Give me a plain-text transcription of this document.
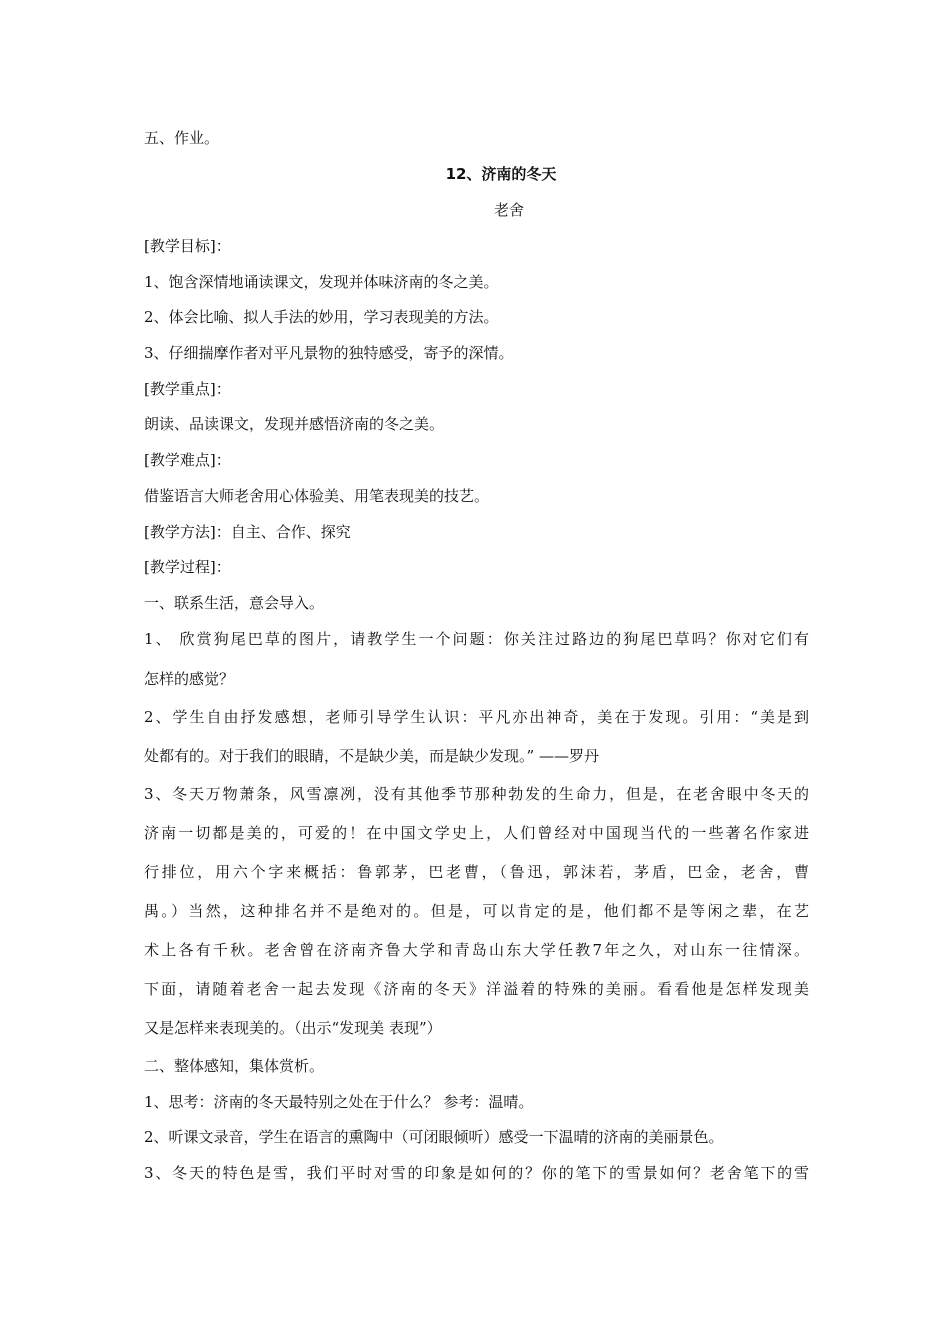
五、作业。
12、济南的冬天
老舍
[教学目标]：
1、饱含深情地诵读课文，发现并体味济南的冬之美。
2、体会比喻、拟人手法的妙用，学习表现美的方法。
3、仔细揣摩作者对平凡景物的独特感受，寄予的深情。
[教学重点]：
朗读、品读课文，发现并感悟济南的冬之美。
[教学难点]：
借鉴语言大师老舍用心体验美、用笔表现美的技艺。
[教学方法]：自主、合作、探究
[教学过程]：
一、联系生活，意会导入。
1、 欣赏狗尾巴草的图片，请教学生一个问题：你关注过路边的狗尾巴草吗？你对它们有
怎样的感觉？
2、学生自由抒发感想，老师引导学生认识：平凡亦出神奇，美在于发现。引用：“美是到
处都有的。对于我们的眼睛，不是缺少美，而是缺少发现。” ——罗丹
3、冬天万物萧条，风雪凛冽，没有其他季节那种勃发的生命力，但是，在老舍眼中冬天的
济南一切都是美的，可爱的！在中国文学史上，人们曾经对中国现当代的一些著名作家进
行排位，用六个字来概括：鲁郭茅，巴老曹，（鲁迅，郭沫若，茅盾，巴金，老舍，曹
禺。）当然，这种排名并不是绝对的。但是，可以肯定的是，他们都不是等闲之辈，在艺
术上各有千秋。老舍曾在济南齐鲁大学和青岛山东大学任教7年之久，对山东一往情深。
下面，请随着老舍一起去发现《济南的冬天》洋溢着的特殊的美丽。看看他是怎样发现美
又是怎样来表现美的。（出示“发现美 表现”）
二、整体感知，集体赏析。
1、思考：济南的冬天最特别之处在于什么？ 参考：温晴。
2、听课文录音，学生在语言的熏陶中（可闭眼倾听）感受一下温晴的济南的美丽景色。
3、冬天的特色是雪，我们平时对雪的印象是如何的？你的笔下的雪景如何？老舍笔下的雪
